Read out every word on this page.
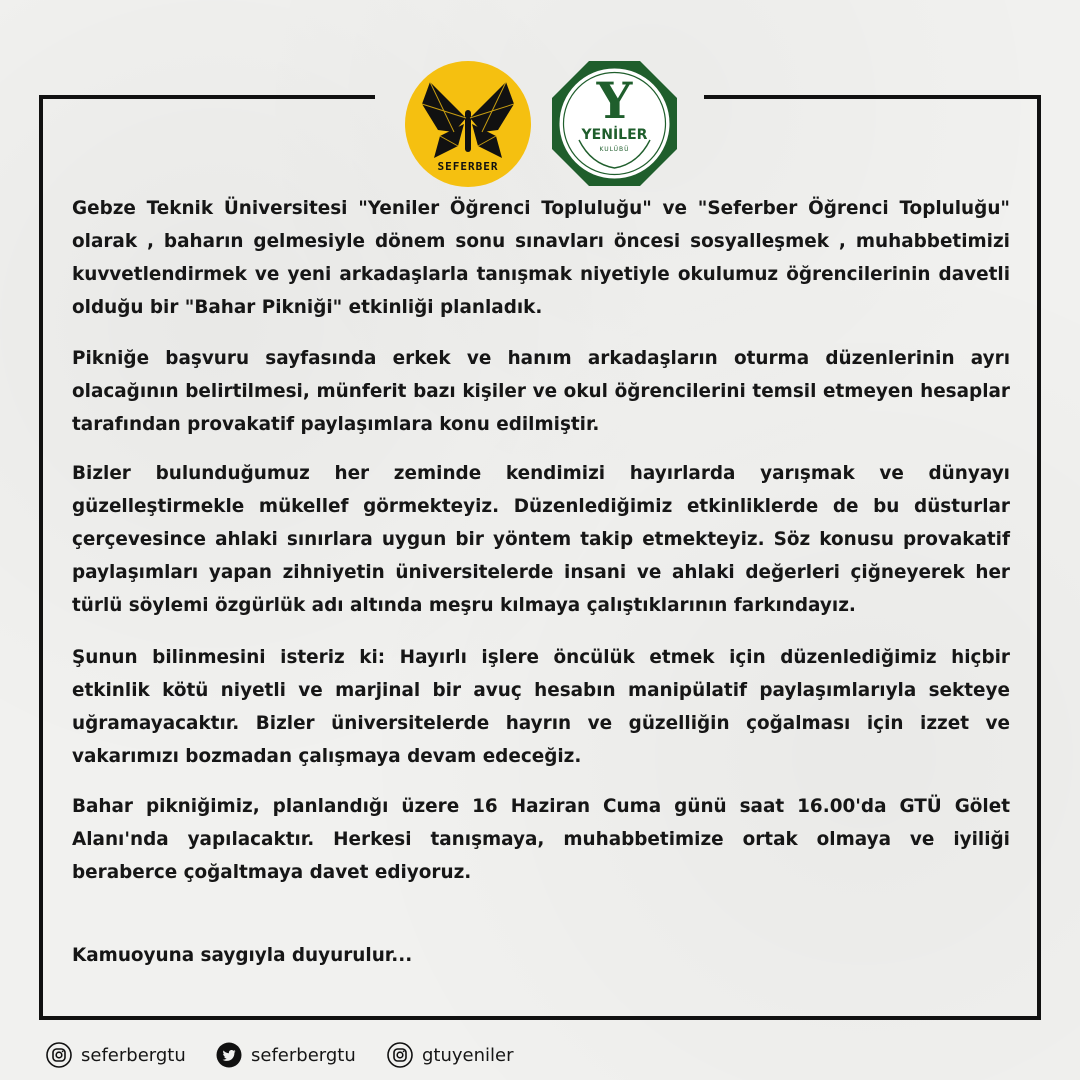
SEFERBER
Y
YENİLER
KULÜBÜ

Gebze Teknik Üniversitesi "Yeniler Öğrenci Topluluğu" ve "Seferber Öğrenci Topluluğu" olarak , baharın gelmesiyle dönem sonu sınavları öncesi sosyalleşmek , muhabbetimizi kuvvetlendirmek ve yeni arkadaşlarla tanışmak niyetiyle okulumuz öğrencilerinin davetli olduğu bir "Bahar Pikniği" etkinliği planladık.

Pikniğe başvuru sayfasında erkek ve hanım arkadaşların oturma düzenlerinin ayrı olacağının belirtilmesi, münferit bazı kişiler ve okul öğrencilerini temsil etmeyen hesaplar tarafından provakatif paylaşımlara konu edilmiştir.

Bizler bulunduğumuz her zeminde kendimizi hayırlarda yarışmak ve dünyayı güzelleştirmekle mükellef görmekteyiz. Düzenlediğimiz etkinliklerde de bu düsturlar çerçevesince ahlaki sınırlara uygun bir yöntem takip etmekteyiz. Söz konusu provakatif paylaşımları yapan zihniyetin üniversitelerde insani ve ahlaki değerleri çiğneyerek her türlü söylemi özgürlük adı altında meşru kılmaya çalıştıklarının farkındayız.

Şunun bilinmesini isteriz ki: Hayırlı işlere öncülük etmek için düzenlediğimiz hiçbir etkinlik kötü niyetli ve marjinal bir avuç hesabın manipülatif paylaşımlarıyla sekteye uğramayacaktır. Bizler üniversitelerde hayrın ve güzelliğin çoğalması için izzet ve vakarımızı bozmadan çalışmaya devam edeceğiz.

Bahar pikniğimiz, planlandığı üzere 16 Haziran Cuma günü saat 16.00'da GTÜ Gölet Alanı'nda yapılacaktır. Herkesi tanışmaya, muhabbetimize ortak olmaya ve iyiliği beraberce çoğaltmaya davet ediyoruz.

Kamuoyuna saygıyla duyurulur...

seferbergtu	seferbergtu	gtuyeniler
